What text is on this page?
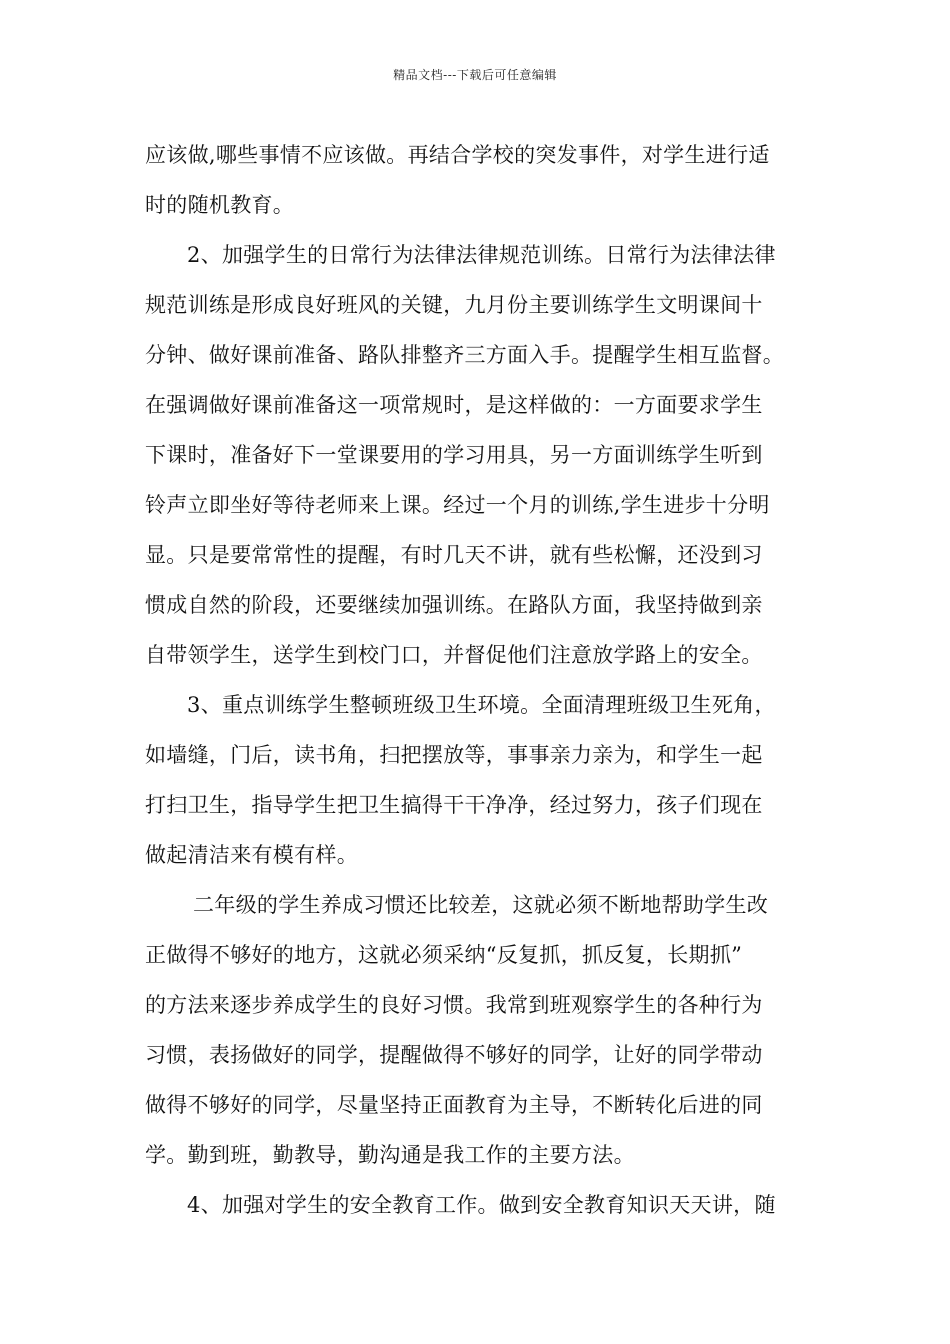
精品文档---下载后可任意编辑
应该做,哪些事情不应该做。再结合学校的突发事件，对学生进行适
时的随机教育。
2、加强学生的日常行为法律法律规范训练。日常行为法律法律
规范训练是形成良好班风的关键，九月份主要训练学生文明课间十
分钟、做好课前准备、路队排整齐三方面入手。提醒学生相互监督。
在强调做好课前准备这一项常规时，是这样做的：一方面要求学生
下课时，准备好下一堂课要用的学习用具，另一方面训练学生听到
铃声立即坐好等待老师来上课。经过一个月的训练,学生进步十分明
显。只是要常常性的提醒，有时几天不讲，就有些松懈，还没到习
惯成自然的阶段，还要继续加强训练。在路队方面，我坚持做到亲
自带领学生，送学生到校门口，并督促他们注意放学路上的安全。
3、重点训练学生整顿班级卫生环境。全面清理班级卫生死角，
如墙缝，门后，读书角，扫把摆放等，事事亲力亲为，和学生一起
打扫卫生，指导学生把卫生搞得干干净净，经过努力，孩子们现在
做起清洁来有模有样。
二年级的学生养成习惯还比较差，这就必须不断地帮助学生改
正做得不够好的地方，这就必须采纳“反复抓，抓反复，长期抓”
的方法来逐步养成学生的良好习惯。我常到班观察学生的各种行为
习惯，表扬做好的同学，提醒做得不够好的同学，让好的同学带动
做得不够好的同学，尽量坚持正面教育为主导，不断转化后进的同
学。勤到班，勤教导，勤沟通是我工作的主要方法。
4、加强对学生的安全教育工作。做到安全教育知识天天讲，随
